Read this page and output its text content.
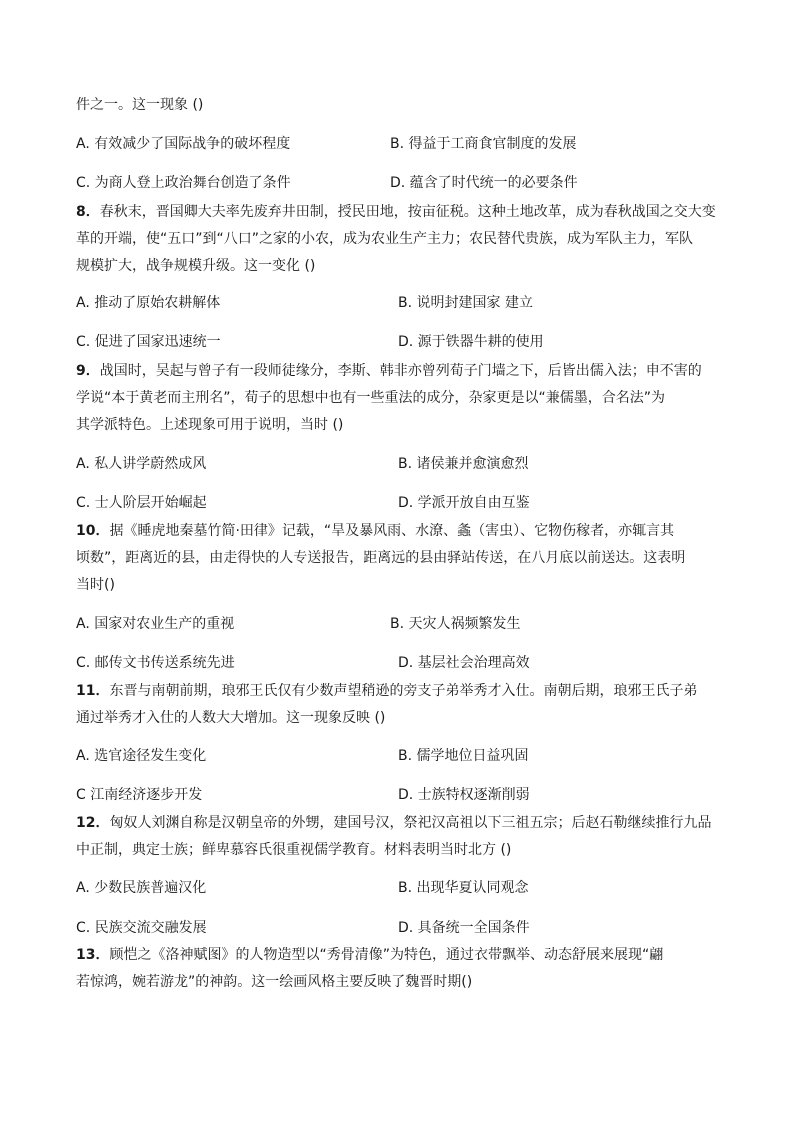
件之一。这一现象 ()
A. 有效减少了国际战争的破坏程度	B. 得益于工商食官制度的发展
C. 为商人登上政治舞台创造了条件	D. 蕴含了时代统一的必要条件
8．春秋末，晋国卿大夫率先废弃井田制，授民田地，按亩征税。这种土地改革，成为春秋战国之交大变
革的开端，使“五口”到“八口”之家的小农，成为农业生产主力；农民替代贵族，成为军队主力，军队
规模扩大，战争规模升级。这一变化 ()
A. 推动了原始农耕解体	B. 说明封建国家 建立
C. 促进了国家迅速统一	D. 源于铁器牛耕的使用
9．战国时，吴起与曾子有一段师徒缘分，李斯、韩非亦曾列荀子门墙之下，后皆出儒入法；申不害的
学说“本于黄老而主刑名”，荀子的思想中也有一些重法的成分，杂家更是以“兼儒墨，合名法”为
其学派特色。上述现象可用于说明，当时 ()
A. 私人讲学蔚然成风	B. 诸侯兼并愈演愈烈
C. 士人阶层开始崛起	D. 学派开放自由互鉴
10．据《睡虎地秦墓竹简·田律》记载，“旱及暴风雨、水潦、螽（害虫）、它物伤稼者，亦辄言其
顷数”，距离近的县，由走得快的人专送报告，距离远的县由驿站传送，在八月底以前送达。这表明
当时()
A. 国家对农业生产的重视	B. 天灾人祸频繁发生
C. 邮传文书传送系统先进	D. 基层社会治理高效
11．东晋与南朝前期，琅邪王氏仅有少数声望稍逊的旁支子弟举秀才入仕。南朝后期，琅邪王氏子弟
通过举秀才入仕的人数大大增加。这一现象反映 ()
A. 选官途径发生变化	B. 儒学地位日益巩固
C 江南经济逐步开发	D. 士族特权逐渐削弱
12．匈奴人刘渊自称是汉朝皇帝的外甥，建国号汉，祭祀汉高祖以下三祖五宗；后赵石勒继续推行九品
中正制，典定士族；鲜卑慕容氏很重视儒学教育。材料表明当时北方 ()
A. 少数民族普遍汉化	B. 出现华夏认同观念
C. 民族交流交融发展	D. 具备统一全国条件
13．顾恺之《洛神赋图》的人物造型以“秀骨清像”为特色，通过衣带飘举、动态舒展来展现“翩
若惊鸿，婉若游龙”的神韵。这一绘画风格主要反映了魏晋时期()
